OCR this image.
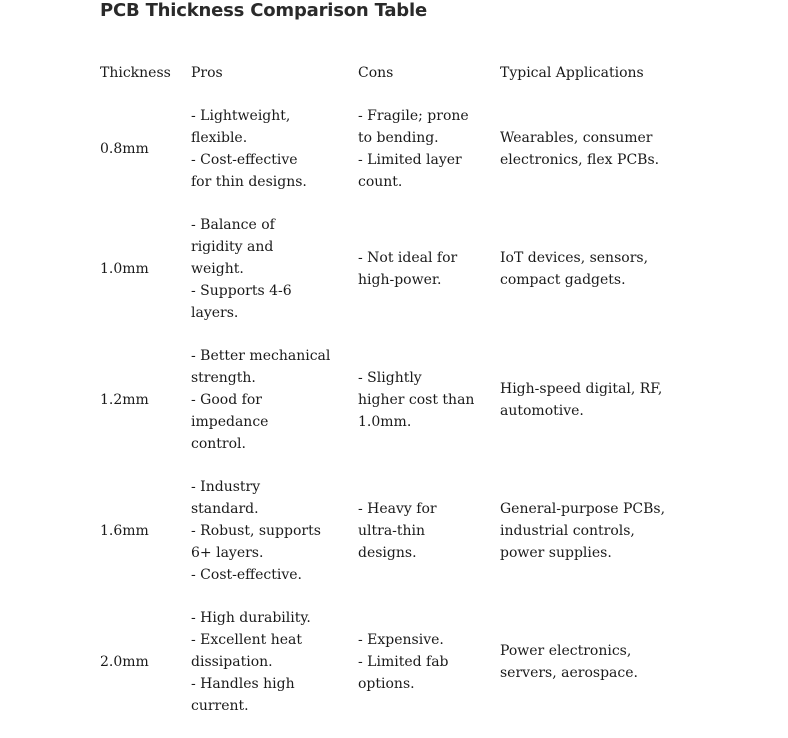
PCB Thickness Comparison Table
Thickness	Pros	Cons	Typical Applications

0.8mm	- Lightweight,
flexible.
- Cost-effective
for thin designs.	- Fragile; prone
to bending.
- Limited layer
count.	Wearables, consumer
electronics, flex PCBs.

1.0mm	- Balance of
rigidity and
weight.
- Supports 4-6
layers.	- Not ideal for
high-power.	IoT devices, sensors,
compact gadgets.

1.2mm	- Better mechanical
strength.
- Good for impedance
control.	- Slightly
higher cost than
1.0mm.	High-speed digital, RF,
automotive.

1.6mm	- Industry
standard.
- Robust, supports
6+ layers.
- Cost-effective.	- Heavy for
ultra-thin
designs.	General-purpose PCBs,
industrial controls,
power supplies.

2.0mm	- High durability.
- Excellent heat
dissipation.
- Handles high
current.	- Expensive.
- Limited fab
options.	Power electronics,
servers, aerospace.
